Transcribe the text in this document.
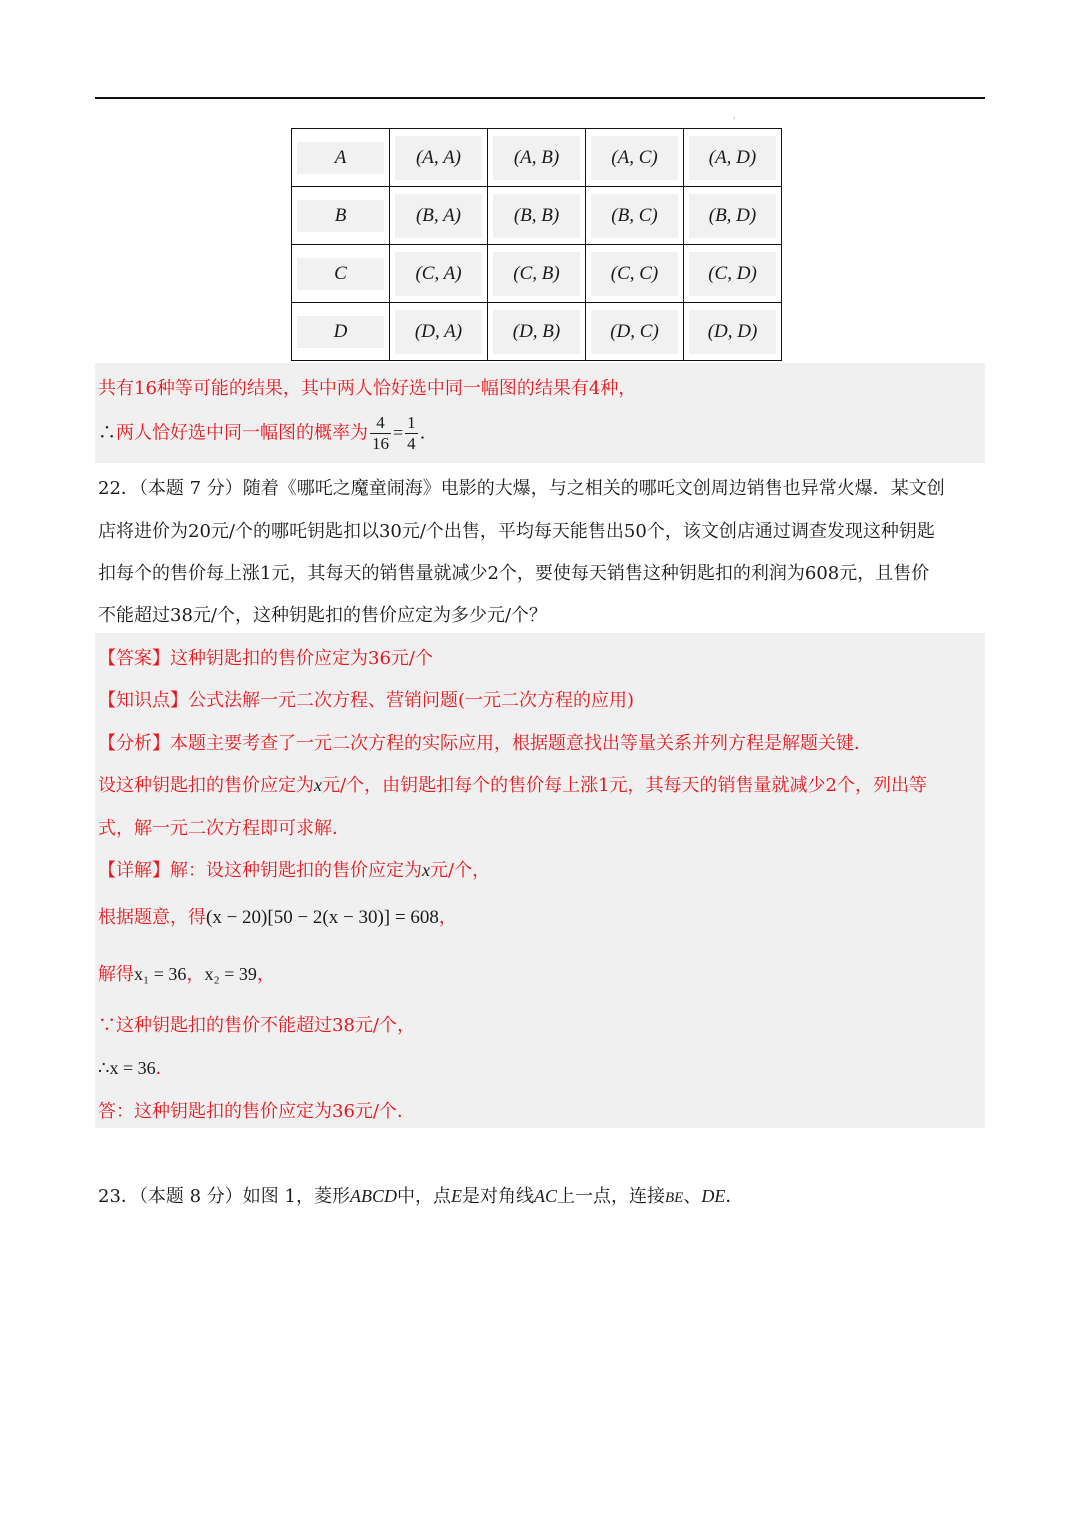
·
A	(A, A)	(A, B)	(A, C)	(A, D)

B	(B, A)	(B, B)	(B, C)	(B, D)

C	(C, A)	(C, B)	(C, C)	(C, D)

D	(D, A)	(D, B)	(D, C)	(D, D)
共有16种等可能的结果，其中两人恰好选中同一幅图的结果有4种，
∴两人恰好选中同一幅图的概率为 $\frac{4}{16} = \frac{1}{4}$ .
22．（本题 7 分）随着《哪吒之魔童闹海》电影的大爆，与之相关的哪吒文创周边销售也异常火爆．某文创
店将进价为20元/个的哪吒钥匙扣以30元/个出售，平均每天能售出50个，该文创店通过调查发现这种钥匙
扣每个的售价每上涨1元，其每天的销售量就减少2个，要使每天销售这种钥匙扣的利润为608元，且售价
不能超过38元/个，这种钥匙扣的售价应定为多少元/个？
【答案】这种钥匙扣的售价应定为36元/个
【知识点】公式法解一元二次方程、营销问题(一元二次方程的应用)
【分析】本题主要考查了一元二次方程的实际应用，根据题意找出等量关系并列方程是解题关键．
设这种钥匙扣的售价应定为x元/个，由钥匙扣每个的售价每上涨1元，其每天的销售量就减少2个，列出等
式，解一元二次方程即可求解．
【详解】解：设这种钥匙扣的售价应定为x元/个，
根据题意，得(x − 20)[50 − 2(x − 30)] = 608，
解得x₁ = 36，x₂ = 39，
∵这种钥匙扣的售价不能超过38元/个，
∴x = 36．
答：这种钥匙扣的售价应定为36元/个．
23．（本题 8 分）如图 1，菱形ABCD中，点E是对角线AC上一点，连接BE、DE．
